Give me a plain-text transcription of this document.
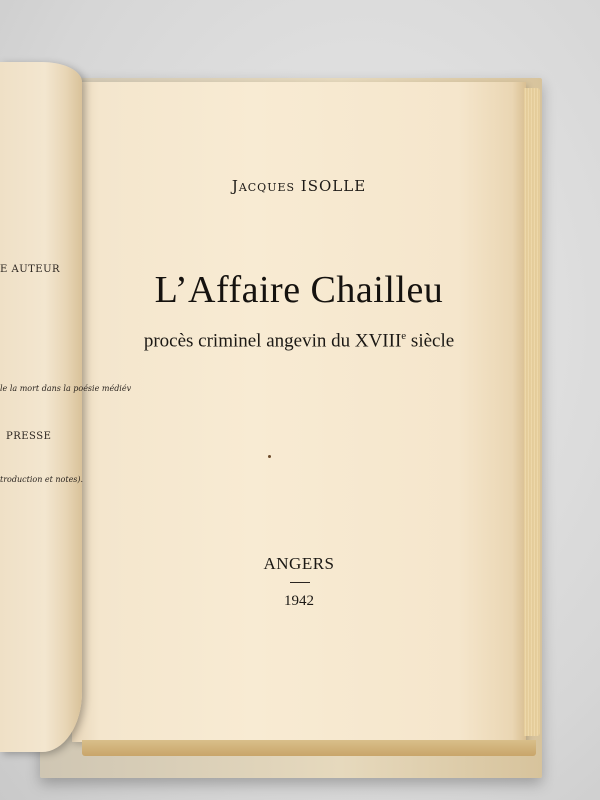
Jacques ISOLLE
L’Affaire Chailleu
procès criminel angevin du XVIIIe siècle
ANGERS
1942
E AUTEUR
le la mort dans la poésie médiév
PRESSE
troduction et notes).
